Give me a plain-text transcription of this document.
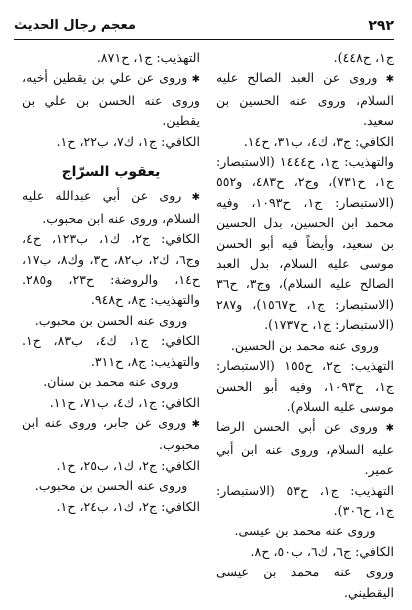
٢٩٢
معجم رجال الحديث

ج١، ح٤٤٨).

✱ وروى عن العبد الصالح عليه السلام، وروى عنه الحسين بن سعيد.

الكافي: ج٣، ك٤، ب٣١، ح١٤.

والتهذيب: ج١، ح١٤٤٤ (الاستبصار: ج١، ح٧٣١)، وج٢، ح٤٨٣، و٥٥٢ (الاستبصار: ج١، ح١٠٩٣، وفيه محمد ابن الحسين، بدل الحسين بن سعيد، وأيضاً فيه أبو الحسن موسى عليه السلام، بدل العبد الصالح عليه السلام)، وج٣، ح٣٦ (الاستبصار: ج١، ح١٥٦٧)، و٢٨٧ (الاستبصار: ج١، ح١٧٣٧).

وروى عنه محمد بن الحسين.

التهذيب: ج٢، ح١٥٥ (الاستبصار: ج١، ح١٠٩٣، وفيه أبو الحسن موسى عليه السلام).

✱ وروى عن أبي الحسن الرضا عليه السلام، وروى عنه ابن أبي عمير.

التهذيب: ج١، ح٥٣ (الاستبصار: ج١، ح٣٠٦).

وروى عنه محمد بن عيسى.

الكافي: ج٦، ك٦، ب٥٠، ح٨.

وروى عنه محمد بن عيسى اليقطيني.

التهذيب: ج١، ح٨٧١.

✱ وروى عن علي بن يقطين أخيه، وروى عنه الحسن بن علي بن يقطين.

الكافي: ج١، ك٧، ب٢٢، ح١.

يعقوب السرّاج

✱ روى عن أبي عبدالله عليه السلام، وروى عنه ابن محبوب.

الكافي: ج٢، ك١، ب١٢٣، ح٤، وج٦، ك٢، ب٨٢، ح٣، وك٨، ب١٧، ح١٤، والروضة: ح٢٣، و٢٨٥. والتهذيب: ج٨، ح٩٤٨.

وروى عنه الحسن بن محبوب.

الكافي: ج١، ك٤، ب٨٣، ح١. والتهذيب: ج٨، ح٣١١.

وروى عنه محمد بن سنان.

الكافي: ج١، ك٤، ب٧١، ح١١.

✱ وروى عن جابر، وروى عنه ابن محبوب.

الكافي: ج٢، ك١، ب٢٥، ح١.

وروى عنه الحسن بن محبوب.

الكافي: ج٢، ك١، ب٢٤، ح١.
